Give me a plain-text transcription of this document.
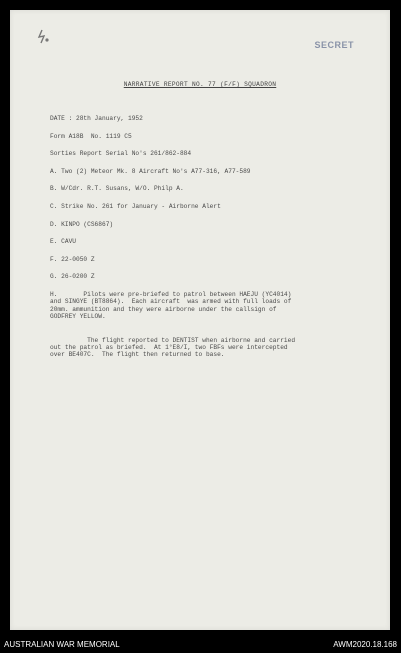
SECRET
NARRATIVE REPORT NO. 77 (F/F) SQUADRON
DATE : 28th January, 1952
Form A18B  No. 1119 C5
Sorties Report Serial No's 261/862-884
A. Two (2) Meteor Mk. 8 Aircraft No's A77-316, A77-589
B. W/Cdr. R.T. Susans, W/O. Philp A.
C. Strike No. 261 for January - Airborne Alert
D. KINPO (CS6867)
E. CAVU
F. 22-0050 Z
G. 26-0200 Z
H.       Pilots were pre-briefed to patrol between HAEJU (YC4014)
and SINGYE (BT8864).  Each aircraft  was armed with full loads of
20mm. ammunition and they were airborne under the callsign of
GODFREY YELLOW.
The flight reported to DENTIST when airborne and carried
out the patrol as briefed.  At 1°E8/I, two FBFs were intercepted
over BE407C.  The flight then returned to base.
AUSTRALIAN WAR MEMORIAL	AWM2020.18.168
